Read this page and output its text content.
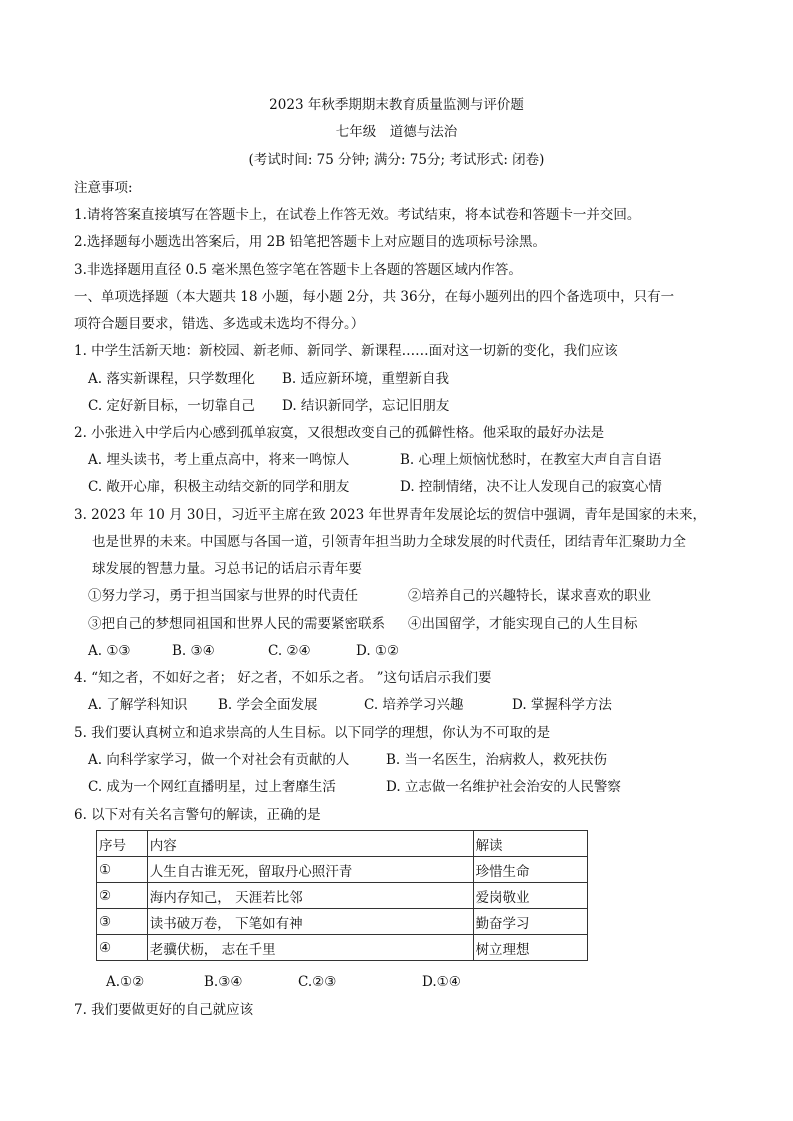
2023 年秋季期期末教育质量监测与评价题
七年级　道德与法治
(考试时间: 75 分钟; 满分: 75分; 考试形式: 闭卷)
注意事项:
1.请将答案直接填写在答题卡上，在试卷上作答无效。考试结束，将本试卷和答题卡一并交回。
2.选择题每小题选出答案后，用 2B 铅笔把答题卡上对应题目的选项标号涂黑。
3.非选择题用直径 0.5 毫米黑色签字笔在答题卡上各题的答题区域内作答。
一、单项选择题（本大题共 18 小题，每小题 2分，共 36分，在每小题列出的四个备选项中，只有一
项符合题目要求，错选、多选或未选均不得分。）
1. 中学生活新天地：新校园、新老师、新同学、新课程……面对这一切新的变化，我们应该
A. 落实新课程，只学数理化 B. 适应新环境，重塑新自我
C. 定好新目标，一切靠自己 D. 结识新同学，忘记旧朋友
2. 小张进入中学后内心感到孤单寂寞，又很想改变自己的孤僻性格。他采取的最好办法是
A. 埋头读书，考上重点高中，将来一鸣惊人	B. 心理上烦恼忧愁时，在教室大声自言自语
C. 敞开心扉，积极主动结交新的同学和朋友	D. 控制情绪，决不让人发现自己的寂寞心情
3. 2023 年 10 月 30日，习近平主席在致 2023 年世界青年发展论坛的贺信中强调，青年是国家的未来，
也是世界的未来。中国愿与各国一道，引领青年担当助力全球发展的时代责任，团结青年汇聚助力全
球发展的智慧力量。习总书记的话启示青年要
①努力学习，勇于担当国家与世界的时代责任	②培养自己的兴趣特长，谋求喜欢的职业
③把自己的梦想同祖国和世界人民的需要紧密联系 ④出国留学，才能实现自己的人生目标
A. ①③	B. ③④	C. ②④	D. ①②
4. “知之者，不如好之者； 好之者，不如乐之者。 ”这句话启示我们要
A. 了解学科知识 B. 学会全面发展	C. 培养学习兴趣	D. 掌握科学方法
5. 我们要认真树立和追求崇高的人生目标。以下同学的理想，你认为不可取的是
A. 向科学家学习，做一个对社会有贡献的人	B. 当一名医生，治病救人，救死扶伤
C. 成为一个网红直播明星，过上奢靡生活	D. 立志做一名维护社会治安的人民警察
6. 以下对有关名言警句的解读，正确的是
序号	内容	解读
①	人生自古谁无死，留取丹心照汗青	珍惜生命
②	海内存知己， 天涯若比邻	爱岗敬业
③	读书破万卷， 下笔如有神	勤奋学习
④	老骥伏枥， 志在千里	树立理想
A.①②	B.③④	C.②③	D.①④
7. 我们要做更好的自己就应该
